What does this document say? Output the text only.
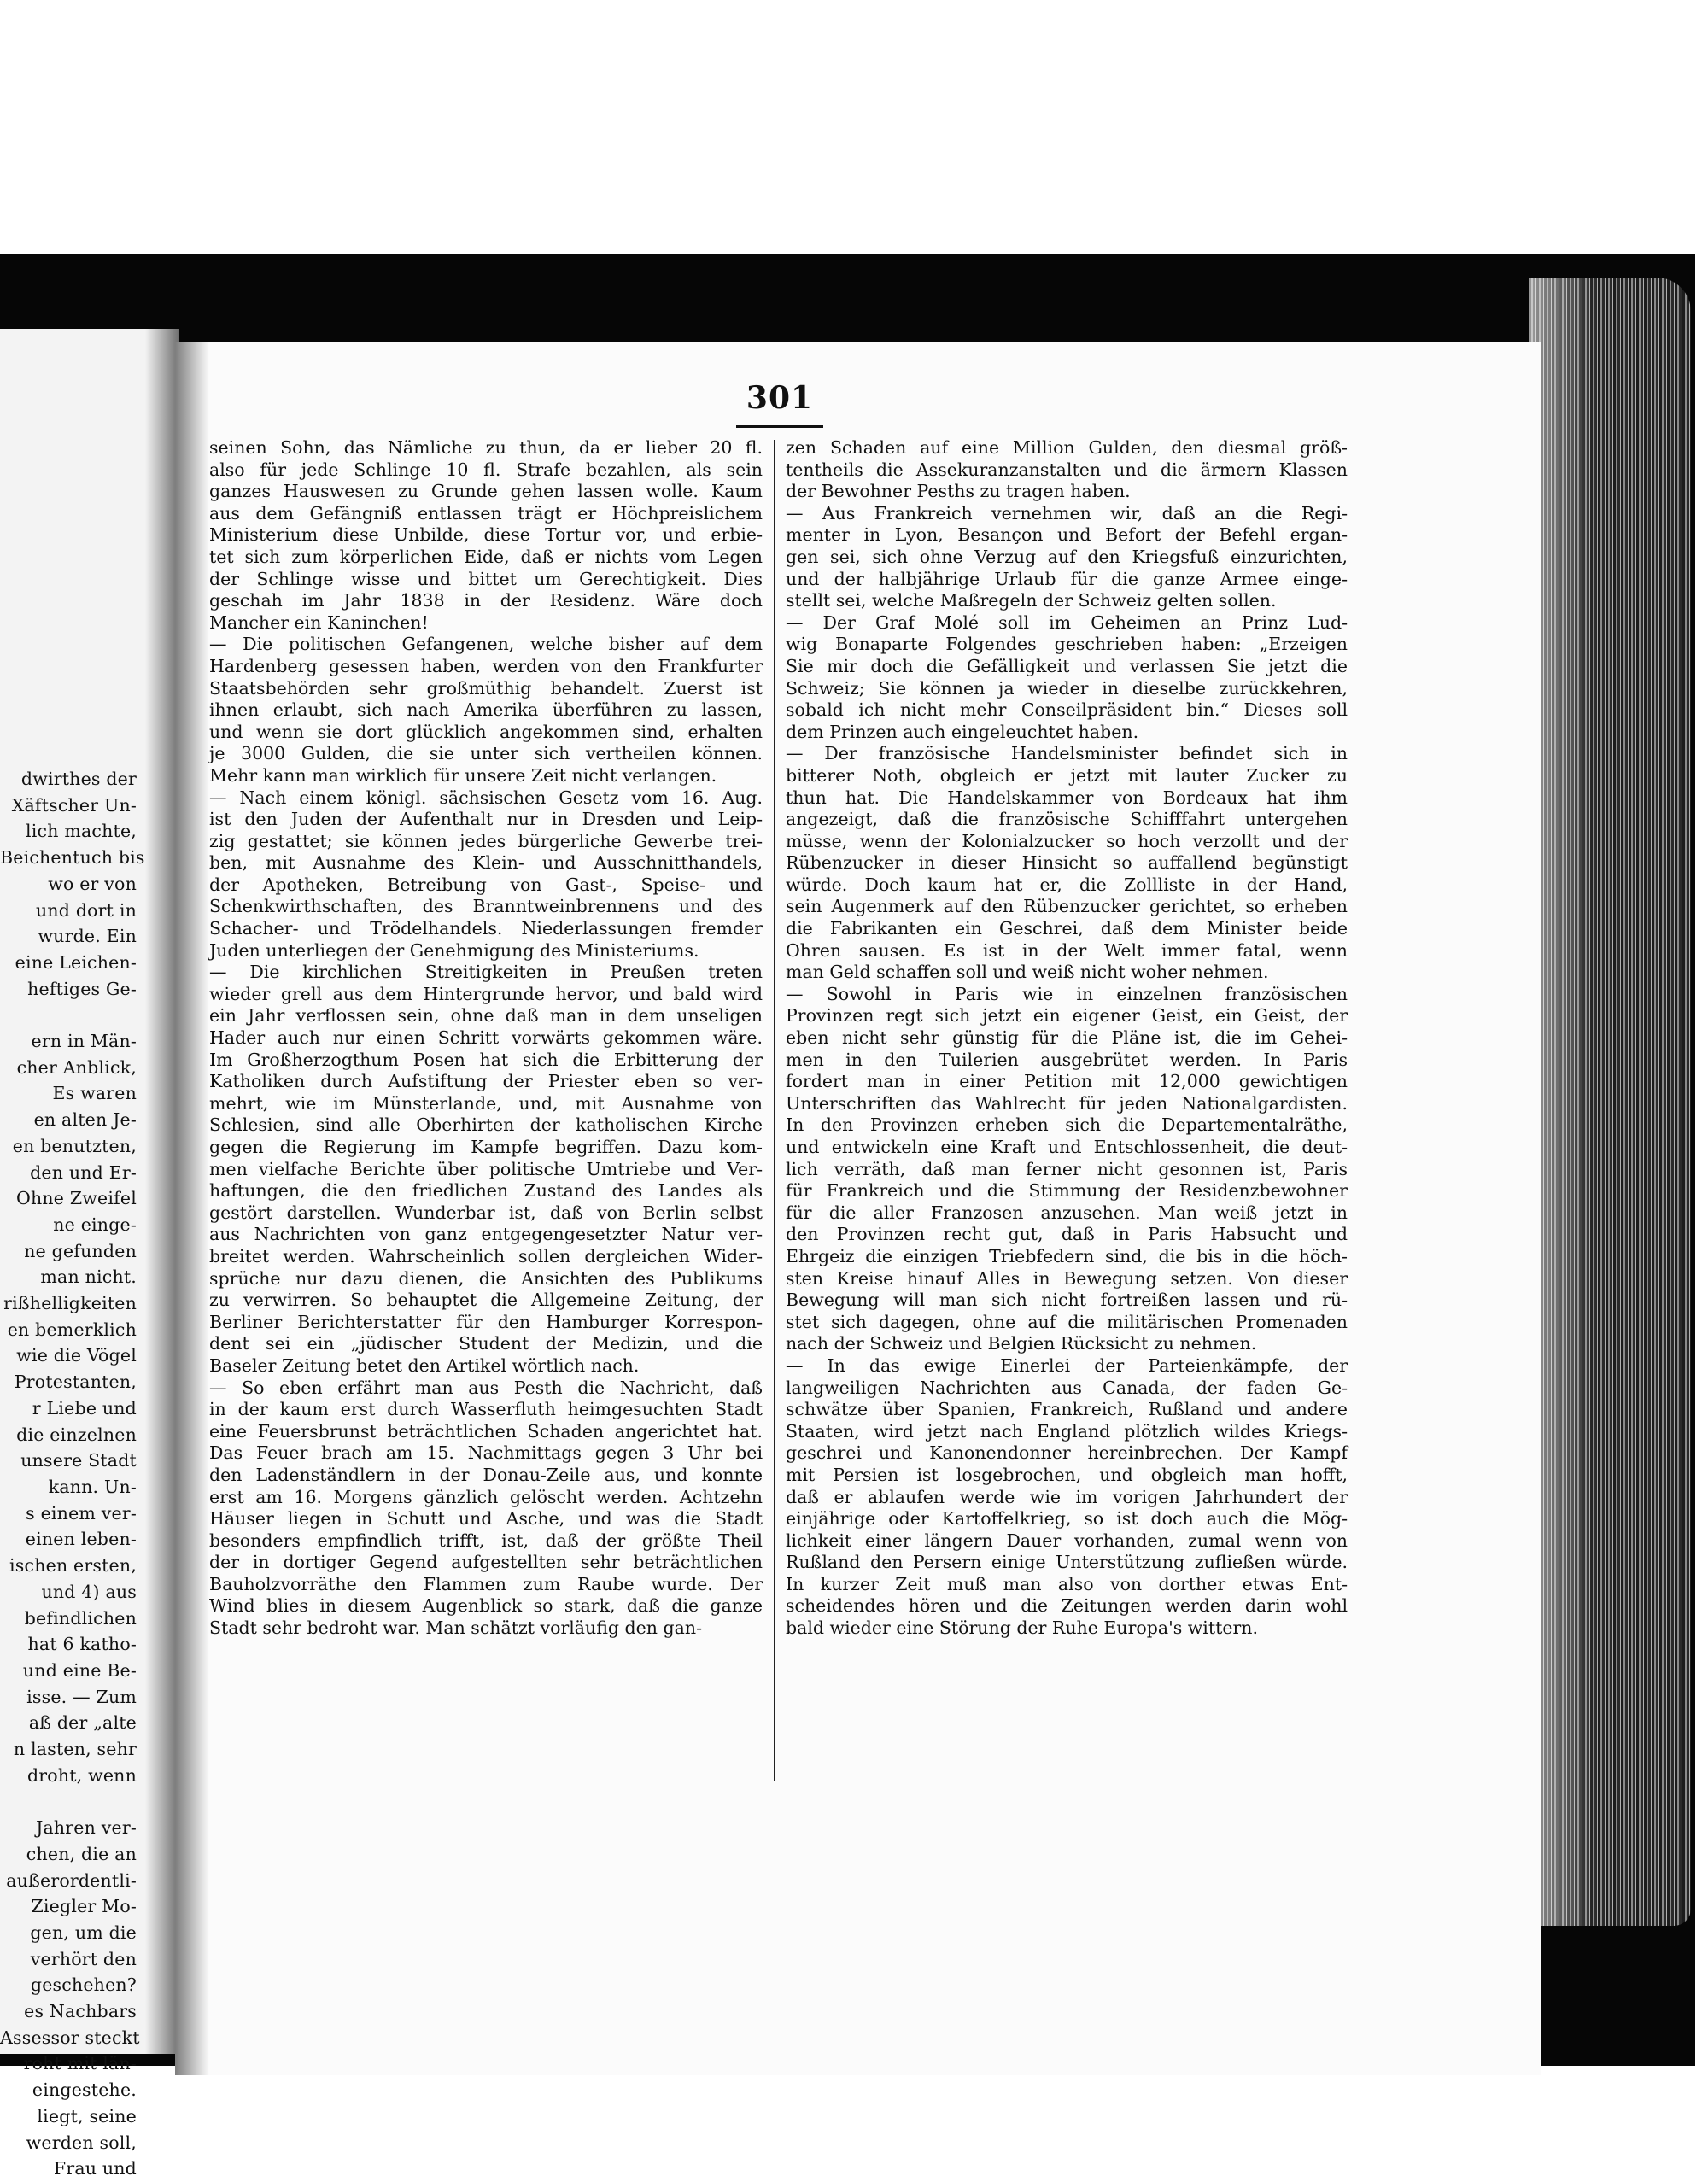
dwirthes der
Xäftscher Un-
lich machte,
Beichentuch bis
wo er von
und dort in
wurde. Ein
eine Leichen-
heftiges Ge-

ern in Män-
cher Anblick,
Es waren
en alten Je-
en benutzten,
den und Er-
Ohne Zweifel
ne einge-
ne gefunden
man nicht.
rißhelligkeiten
en bemerklich
wie die Vögel
Protestanten,
r Liebe und
die einzelnen
unsere Stadt
kann. Un-
s einem ver-
einen leben-
ischen ersten,
und 4) aus
befindlichen
hat 6 katho-
und eine Be-
isse. — Zum
aß der „alte
n lasten, sehr
droht, wenn

Jahren ver-
chen, die an
außerordentli-
Ziegler Mo-
gen, um die
verhört den
geschehen?
es Nachbars
Assessor steckt
roht mit län-
eingestehe.
liegt, seine
werden soll,
Frau und
301

seinen Sohn, das Nämliche zu thun, da er lieber 20 fl.
also für jede Schlinge 10 fl. Strafe bezahlen, als sein
ganzes Hauswesen zu Grunde gehen lassen wolle. Kaum
aus dem Gefängniß entlassen trägt er Höchpreislichem
Ministerium diese Unbilde, diese Tortur vor, und erbie-
tet sich zum körperlichen Eide, daß er nichts vom Legen
der Schlinge wisse und bittet um Gerechtigkeit. Dies
geschah im Jahr 1838 in der Residenz. Wäre doch
Mancher ein Kaninchen!

— Die politischen Gefangenen, welche bisher auf dem
Hardenberg gesessen haben, werden von den Frankfurter
Staatsbehörden sehr großmüthig behandelt. Zuerst ist
ihnen erlaubt, sich nach Amerika überführen zu lassen,
und wenn sie dort glücklich angekommen sind, erhalten
je 3000 Gulden, die sie unter sich vertheilen können.
Mehr kann man wirklich für unsere Zeit nicht verlangen.

— Nach einem königl. sächsischen Gesetz vom 16. Aug.
ist den Juden der Aufenthalt nur in Dresden und Leip-
zig gestattet; sie können jedes bürgerliche Gewerbe trei-
ben, mit Ausnahme des Klein- und Ausschnitthandels,
der Apotheken, Betreibung von Gast-, Speise- und
Schenkwirthschaften, des Branntweinbrennens und des
Schacher- und Trödelhandels. Niederlassungen fremder
Juden unterliegen der Genehmigung des Ministeriums.

— Die kirchlichen Streitigkeiten in Preußen treten
wieder grell aus dem Hintergrunde hervor, und bald wird
ein Jahr verflossen sein, ohne daß man in dem unseligen
Hader auch nur einen Schritt vorwärts gekommen wäre.
Im Großherzogthum Posen hat sich die Erbitterung der
Katholiken durch Aufstiftung der Priester eben so ver-
mehrt, wie im Münsterlande, und, mit Ausnahme von
Schlesien, sind alle Oberhirten der katholischen Kirche
gegen die Regierung im Kampfe begriffen. Dazu kom-
men vielfache Berichte über politische Umtriebe und Ver-
haftungen, die den friedlichen Zustand des Landes als
gestört darstellen. Wunderbar ist, daß von Berlin selbst
aus Nachrichten von ganz entgegengesetzter Natur ver-
breitet werden. Wahrscheinlich sollen dergleichen Wider-
sprüche nur dazu dienen, die Ansichten des Publikums
zu verwirren. So behauptet die Allgemeine Zeitung, der
Berliner Berichterstatter für den Hamburger Korrespon-
dent sei ein „jüdischer Student der Medizin, und die
Baseler Zeitung betet den Artikel wörtlich nach.

— So eben erfährt man aus Pesth die Nachricht, daß
in der kaum erst durch Wasserfluth heimgesuchten Stadt
eine Feuersbrunst beträchtlichen Schaden angerichtet hat.
Das Feuer brach am 15. Nachmittags gegen 3 Uhr bei
den Ladenständlern in der Donau-Zeile aus, und konnte
erst am 16. Morgens gänzlich gelöscht werden. Achtzehn
Häuser liegen in Schutt und Asche, und was die Stadt
besonders empfindlich trifft, ist, daß der größte Theil
der in dortiger Gegend aufgestellten sehr beträchtlichen
Bauholzvorräthe den Flammen zum Raube wurde. Der
Wind blies in diesem Augenblick so stark, daß die ganze
Stadt sehr bedroht war. Man schätzt vorläufig den gan-

zen Schaden auf eine Million Gulden, den diesmal größ-
tentheils die Assekuranzanstalten und die ärmern Klassen
der Bewohner Pesths zu tragen haben.

— Aus Frankreich vernehmen wir, daß an die Regi-
menter in Lyon, Besançon und Befort der Befehl ergan-
gen sei, sich ohne Verzug auf den Kriegsfuß einzurichten,
und der halbjährige Urlaub für die ganze Armee einge-
stellt sei, welche Maßregeln der Schweiz gelten sollen.

— Der Graf Molé soll im Geheimen an Prinz Lud-
wig Bonaparte Folgendes geschrieben haben: „Erzeigen
Sie mir doch die Gefälligkeit und verlassen Sie jetzt die
Schweiz; Sie können ja wieder in dieselbe zurückkehren,
sobald ich nicht mehr Conseilpräsident bin.“ Dieses soll
dem Prinzen auch eingeleuchtet haben.

— Der französische Handelsminister befindet sich in
bitterer Noth, obgleich er jetzt mit lauter Zucker zu
thun hat. Die Handelskammer von Bordeaux hat ihm
angezeigt, daß die französische Schifffahrt untergehen
müsse, wenn der Kolonialzucker so hoch verzollt und der
Rübenzucker in dieser Hinsicht so auffallend begünstigt
würde. Doch kaum hat er, die Zollliste in der Hand,
sein Augenmerk auf den Rübenzucker gerichtet, so erheben
die Fabrikanten ein Geschrei, daß dem Minister beide
Ohren sausen. Es ist in der Welt immer fatal, wenn
man Geld schaffen soll und weiß nicht woher nehmen.

— Sowohl in Paris wie in einzelnen französischen
Provinzen regt sich jetzt ein eigener Geist, ein Geist, der
eben nicht sehr günstig für die Pläne ist, die im Gehei-
men in den Tuilerien ausgebrütet werden. In Paris
fordert man in einer Petition mit 12,000 gewichtigen
Unterschriften das Wahlrecht für jeden Nationalgardisten.
In den Provinzen erheben sich die Departementalräthe,
und entwickeln eine Kraft und Entschlossenheit, die deut-
lich verräth, daß man ferner nicht gesonnen ist, Paris
für Frankreich und die Stimmung der Residenzbewohner
für die aller Franzosen anzusehen. Man weiß jetzt in
den Provinzen recht gut, daß in Paris Habsucht und
Ehrgeiz die einzigen Triebfedern sind, die bis in die höch-
sten Kreise hinauf Alles in Bewegung setzen. Von dieser
Bewegung will man sich nicht fortreißen lassen und rü-
stet sich dagegen, ohne auf die militärischen Promenaden
nach der Schweiz und Belgien Rücksicht zu nehmen.

— In das ewige Einerlei der Parteienkämpfe, der
langweiligen Nachrichten aus Canada, der faden Ge-
schwätze über Spanien, Frankreich, Rußland und andere
Staaten, wird jetzt nach England plötzlich wildes Kriegs-
geschrei und Kanonendonner hereinbrechen. Der Kampf
mit Persien ist losgebrochen, und obgleich man hofft,
daß er ablaufen werde wie im vorigen Jahrhundert der
einjährige oder Kartoffelkrieg, so ist doch auch die Mög-
lichkeit einer längern Dauer vorhanden, zumal wenn von
Rußland den Persern einige Unterstützung zufließen würde.
In kurzer Zeit muß man also von dorther etwas Ent-
scheidendes hören und die Zeitungen werden darin wohl
bald wieder eine Störung der Ruhe Europa's wittern.
